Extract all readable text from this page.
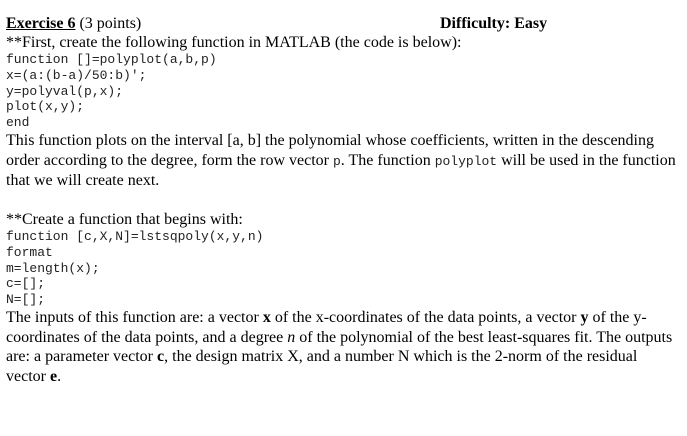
Exercise 6 (3 points)	Difficulty: Easy
**First, create the following function in MATLAB (the code is below):
function []=polyplot(a,b,p)
x=(a:(b-a)/50:b)';
y=polyval(p,x);
plot(x,y);
end
This function plots on the interval [a, b] the polynomial whose coefficients, written in the descending order according to the degree, form the row vector p. The function polyplot will be used in the function that we will create next.
**Create a function that begins with:
function [c,X,N]=lstsqpoly(x,y,n)
format
m=length(x);
c=[];
N=[];
The inputs of this function are: a vector x of the x-coordinates of the data points, a vector y of the y-coordinates of the data points, and a degree n of the polynomial of the best least-squares fit. The outputs are: a parameter vector c, the design matrix X, and a number N which is the 2-norm of the residual vector e.
